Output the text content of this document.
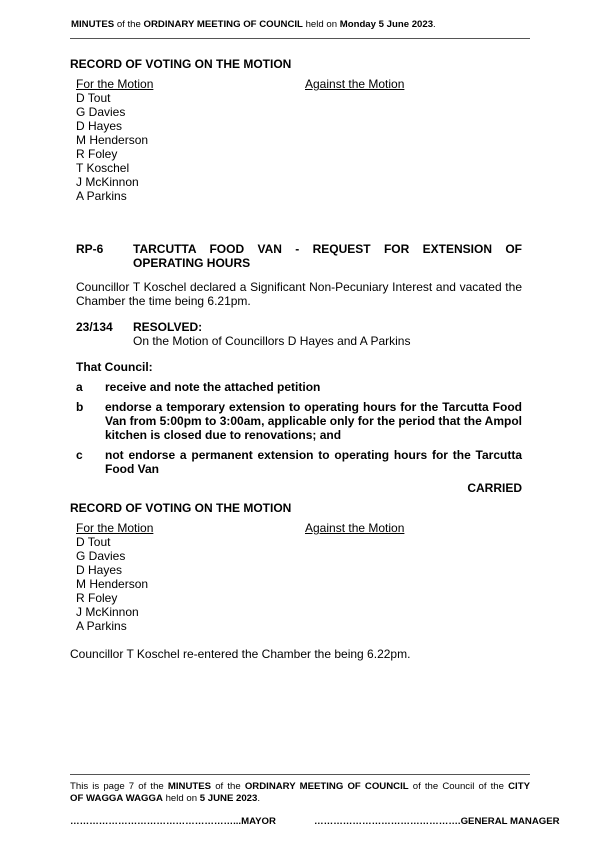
MINUTES of the ORDINARY MEETING OF COUNCIL held on Monday 5 June 2023.
RECORD OF VOTING ON THE MOTION
For the Motion	Against the Motion
D Tout
G Davies
D Hayes
M Henderson
R Foley
T Koschel
J McKinnon
A Parkins
RP-6 TARCUTTA FOOD VAN - REQUEST FOR EXTENSION OF
OPERATING HOURS
Councillor T Koschel declared a Significant Non-Pecuniary Interest and vacated the
Chamber the time being 6.21pm.
23/134 RESOLVED:
On the Motion of Councillors D Hayes and A Parkins
That Council:
a receive and note the attached petition
b endorse a temporary extension to operating hours for the Tarcutta Food
Van from 5:00pm to 3:00am, applicable only for the period that the Ampol
kitchen is closed due to renovations; and
c not endorse a permanent extension to operating hours for the Tarcutta
Food Van
CARRIED
RECORD OF VOTING ON THE MOTION
For the Motion	Against the Motion
D Tout
G Davies
D Hayes
M Henderson
R Foley
J McKinnon
A Parkins
Councillor T Koschel re-entered the Chamber the being 6.22pm.
This is page 7 of the MINUTES of the ORDINARY MEETING OF COUNCIL of the Council of the CITY
OF WAGGA WAGGA held on 5 JUNE 2023.
……………………………………………...MAYOR	……………………………………….GENERAL MANAGER
